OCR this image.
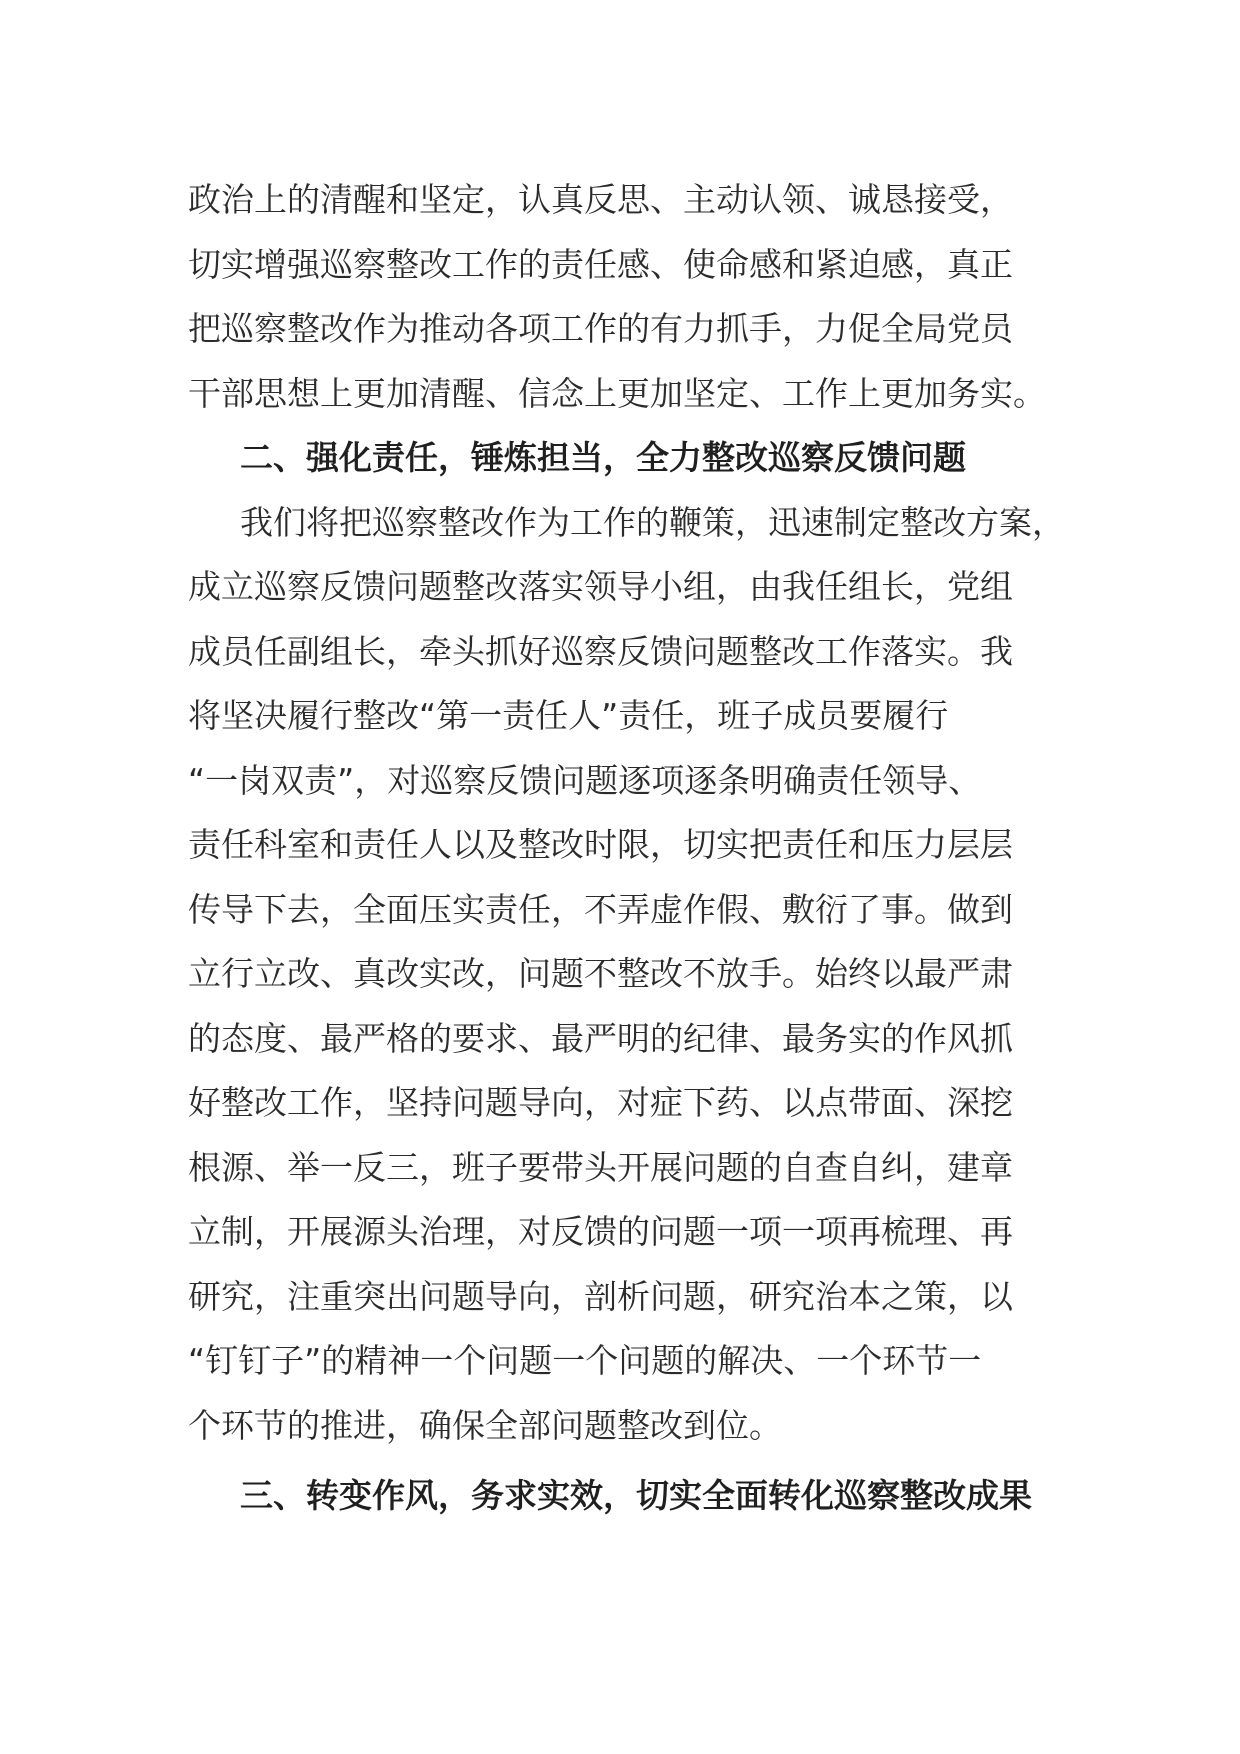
政治上的清醒和坚定，认真反思、主动认领、诚恳接受，
切实增强巡察整改工作的责任感、使命感和紧迫感，真正
把巡察整改作为推动各项工作的有力抓手，力促全局党员
干部思想上更加清醒、信念上更加坚定、工作上更加务实。
二、强化责任，锤炼担当，全力整改巡察反馈问题
我们将把巡察整改作为工作的鞭策，迅速制定整改方案，
成立巡察反馈问题整改落实领导小组，由我任组长，党组
成员任副组长，牵头抓好巡察反馈问题整改工作落实。我
将坚决履行整改“第一责任人”责任，班子成员要履行
“一岗双责”，对巡察反馈问题逐项逐条明确责任领导、
责任科室和责任人以及整改时限，切实把责任和压力层层
传导下去，全面压实责任，不弄虚作假、敷衍了事。做到
立行立改、真改实改，问题不整改不放手。始终以最严肃
的态度、最严格的要求、最严明的纪律、最务实的作风抓
好整改工作，坚持问题导向，对症下药、以点带面、深挖
根源、举一反三，班子要带头开展问题的自查自纠，建章
立制，开展源头治理，对反馈的问题一项一项再梳理、再
研究，注重突出问题导向，剖析问题，研究治本之策，以
“钉钉子”的精神一个问题一个问题的解决、一个环节一
个环节的推进，确保全部问题整改到位。
三、转变作风，务求实效，切实全面转化巡察整改成果
